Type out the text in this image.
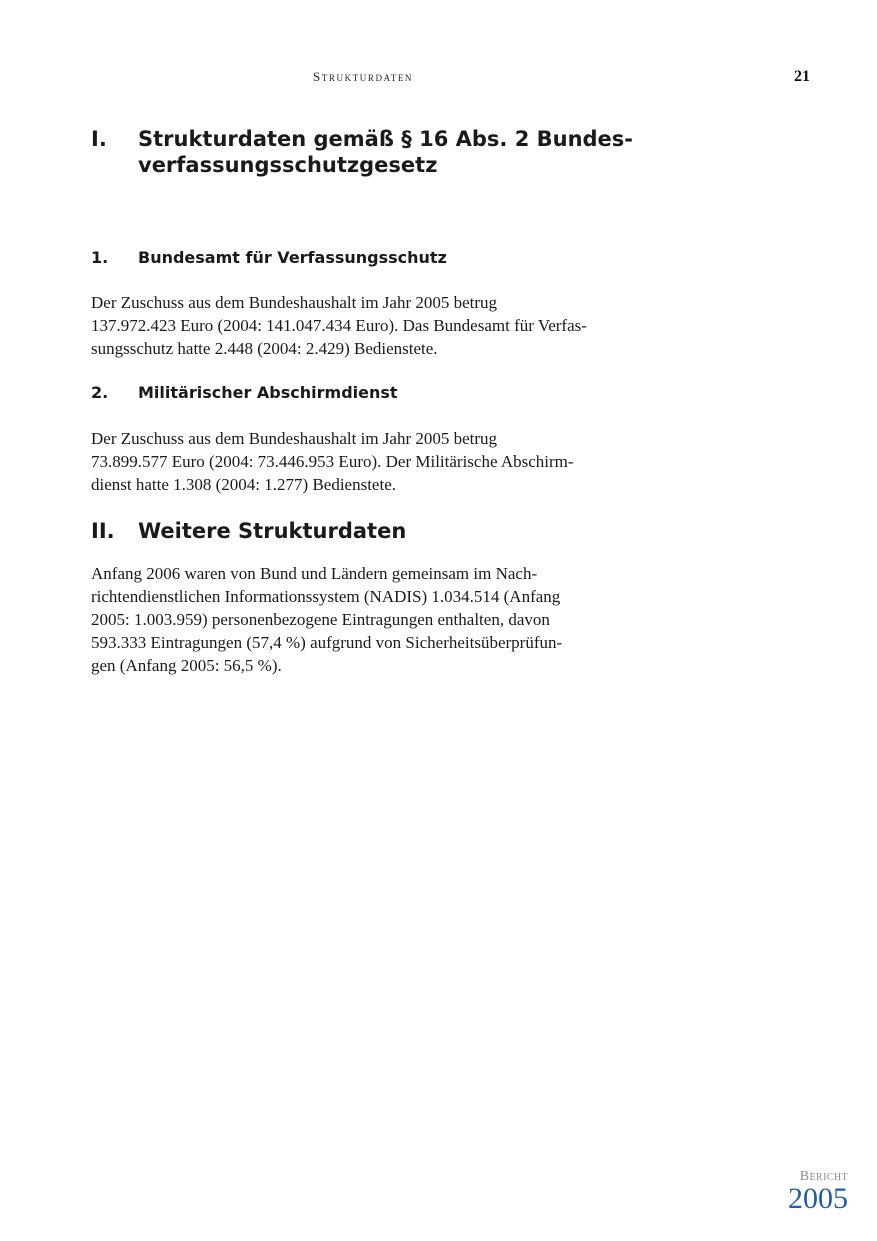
Strukturdaten	21
I.	Strukturdaten gemäß § 16 Abs. 2 Bundes-
verfassungsschutzgesetz
1.	Bundesamt für Verfassungsschutz

Der Zuschuss aus dem Bundeshaushalt im Jahr 2005 betrug
137.972.423 Euro (2004: 141.047.434 Euro). Das Bundesamt für Verfas-
sungsschutz hatte 2.448 (2004: 2.429) Bedienstete.

2.	Militärischer Abschirmdienst

Der Zuschuss aus dem Bundeshaushalt im Jahr 2005 betrug
73.899.577 Euro (2004: 73.446.953 Euro). Der Militärische Abschirm-
dienst hatte 1.308 (2004: 1.277) Bedienstete.

II.	Weitere Strukturdaten

Anfang 2006 waren von Bund und Ländern gemeinsam im Nach-
richtendienstlichen Informationssystem (NADIS) 1.034.514 (Anfang
2005: 1.003.959) personenbezogene Eintragungen enthalten, davon
593.333 Eintragungen (57,4 %) aufgrund von Sicherheitsüberprüfun-
gen (Anfang 2005: 56,5 %).

Bericht
2005
